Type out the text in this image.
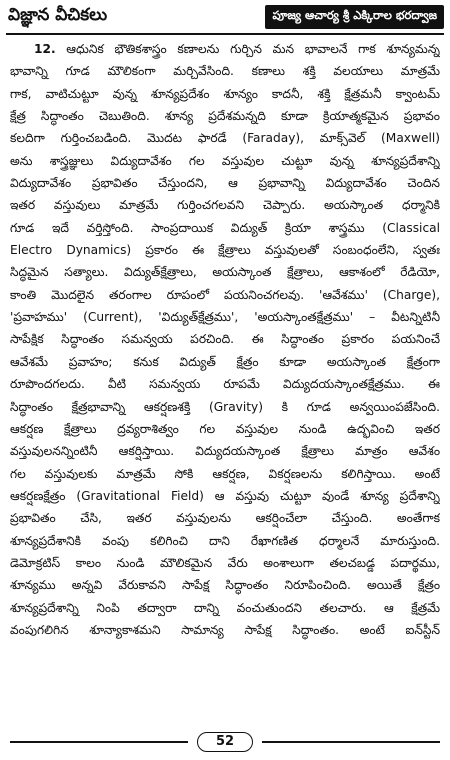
విజ్ఞాన వీచికలు	పూజ్య ఆచార్య శ్రీ ఎక్కిరాల భరద్వాజ
12. ఆధునిక భౌతికశాస్త్రం కణాలను గుర్చిన మన భావాలనే గాక శూన్యమన్న
భావాన్ని గూడ మౌలికంగా మర్చివేసింది. కణాలు శక్తి వలయాలు మాత్రమే
గాక, వాటిచుట్టూ వున్న శూన్యప్రదేశం శూన్యం కాదనీ, శక్తి క్షేత్రమనీ క్వాంటమ్
క్షేత్ర సిద్ధాంతం చెబుతింది. శూన్య ప్రదేశమన్నది కూడా క్రియాత్మకమైన ప్రభావం
కలదిగా గుర్తించబడింది. మొదట ఫారడే (Faraday), మాక్స్‌వెల్ (Maxwell)
అను శాస్త్రజ్ఞులు విద్యుదావేశం గల వస్తువుల చుట్టూ వున్న శూన్యప్రదేశాన్ని
విద్యుదావేశం ప్రభావితం చేస్తుందని, ఆ ప్రభావాన్ని విద్యుదావేశం చెందిన
ఇతర వస్తువులు మాత్రమే గుర్తించగలవని చెప్పారు. అయస్కాంత ధర్మానికి
గూడ ఇదే వర్తిస్తోంది. సాంప్రదాయిక విద్యుత్ క్రియా శాస్త్రము (Classical
Electro Dynamics) ప్రకారం ఈ క్షేత్రాలు వస్తువులతో సంబంధంలేని, స్వతః
సిద్ధమైన సత్యాలు. విద్యుత్‌క్షేత్రాలు, అయస్కాంత క్షేత్రాలు, ఆకాశంలో రేడియో,
కాంతి మొదలైన తరంగాల రూపంలో పయనించగలవు. 'ఆవేశము' (Charge),
'ప్రవాహము' (Current), 'విద్యుత్‌క్షేత్రము', 'అయస్కాంతక్షేత్రము' – వీటన్నిటినీ
సాపేక్షిక సిద్ధాంతం సమన్వయ పరచింది. ఈ సిద్ధాంతం ప్రకారం పయనించే
ఆవేశమే ప్రవాహం; కనుక విద్యుత్ క్షేత్రం కూడా అయస్కాంత క్షేత్రంగా
రూపొందగలదు. వీటి సమన్వయ రూపమే విద్యుదయస్కాంతక్షేత్రము. ఈ
సిద్ధాంతం క్షేత్రభావాన్ని ఆకర్షణశక్తి (Gravity) కి గూడ అన్వయింపజేసింది.
ఆకర్షణ క్షేత్రాలు ద్రవ్యరాశిత్వం గల వస్తువుల నుండి ఉద్భవించి ఇతర
వస్తువులనన్నింటినీ ఆకర్షిస్తాయి. విద్యుదయస్కాంత క్షేత్రాలు మాత్రం ఆవేశం
గల వస్తువులకు మాత్రమే సోకి ఆకర్షణ, వికర్షణలను కలిగిస్తాయి. అంటే
ఆకర్షణక్షేత్రం (Gravitational Field) ఆ వస్తువు చుట్టూ వుండే శూన్య ప్రదేశాన్ని
ప్రభావితం చేసి, ఇతర వస్తువులను ఆకర్షించేలా చేస్తుంది. అంతేగాక
శూన్యప్రదేశానికి వంపు కలిగించి దాని రేఖాగణిత ధర్మాలనే మారుస్తుంది.
డెమోక్రటిస్ కాలం నుండి మౌలికమైన వేరు అంశాలుగా తలచబడ్డ పదార్థము,
శూన్యము అన్నవి వేరుకావని సాపేక్ష సిద్ధాంతం నిరూపించింది. అయితే క్షేత్రం
శూన్యప్రదేశాన్ని నింపి తద్వారా దాన్ని వంచుతుందని తలచారు. ఆ క్షేత్రమే
వంపుగలిగిన శూన్యాకాశమని సామాన్య సాపేక్ష సిద్ధాంతం. అంటే ఐన్‌స్టీన్
52
